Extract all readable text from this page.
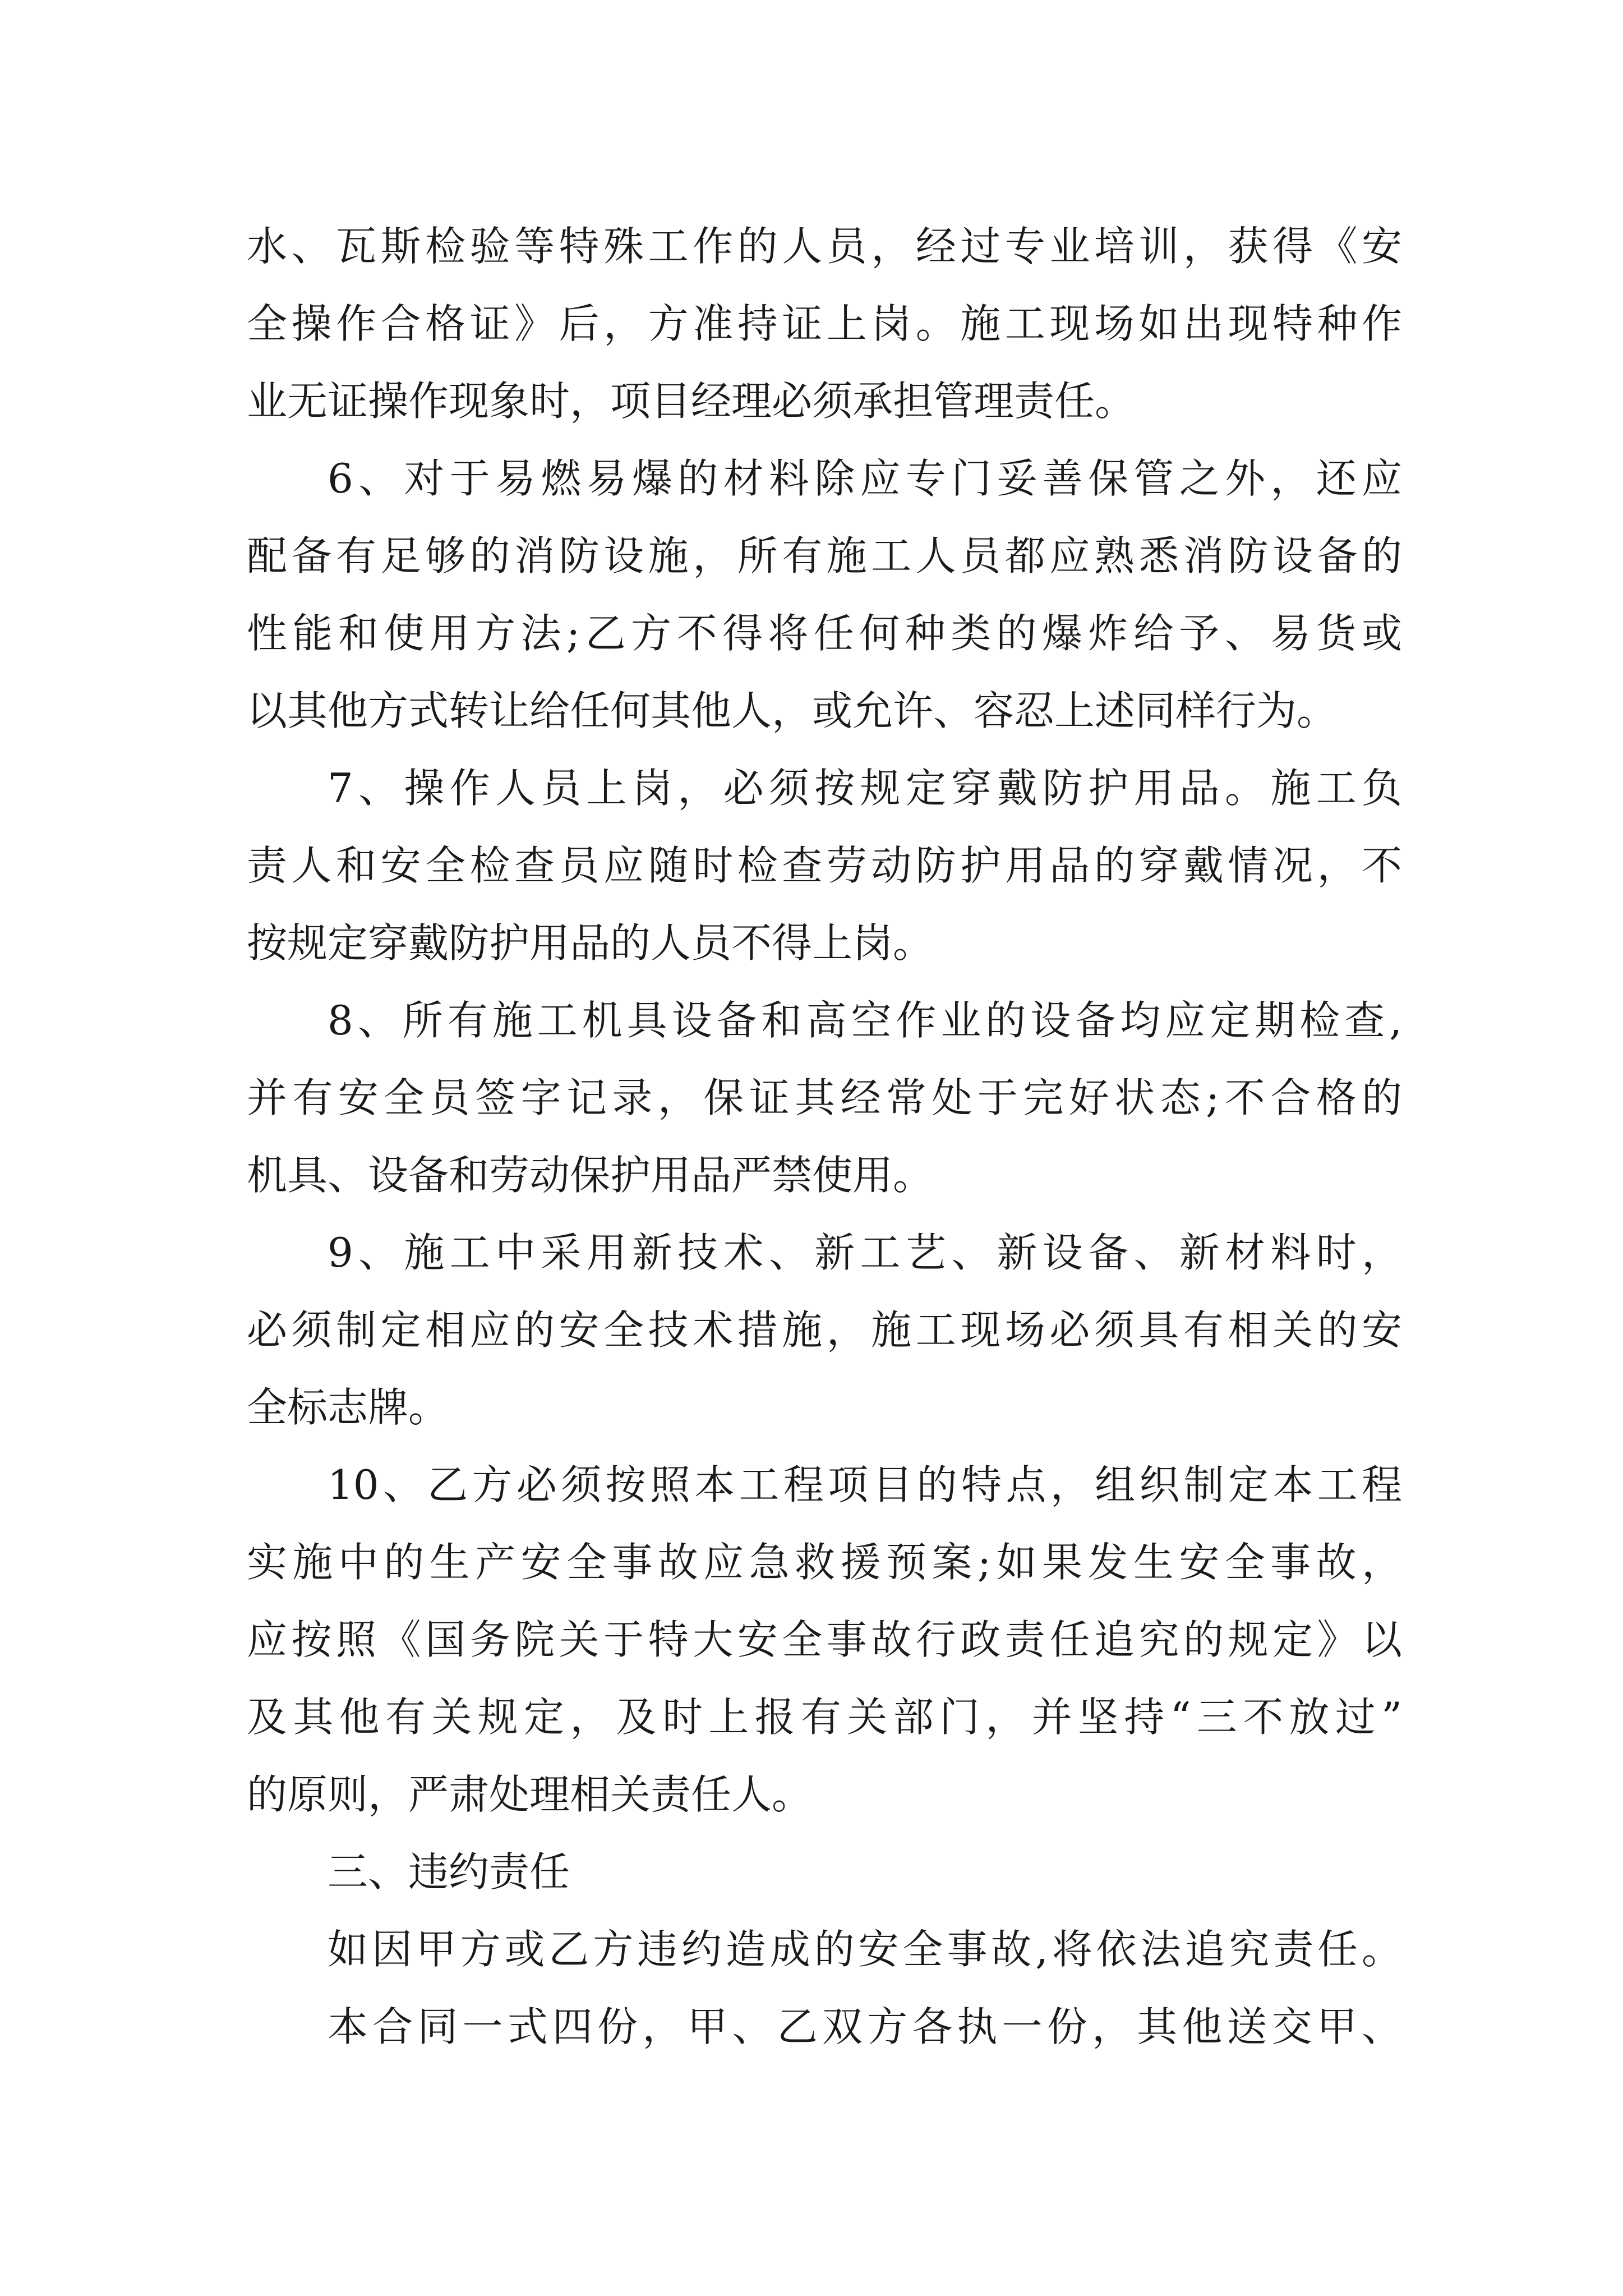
水、瓦斯检验等特殊工作的人员，经过专业培训，获得《安
全操作合格证》后，方准持证上岗。施工现场如出现特种作
业无证操作现象时，项目经理必须承担管理责任。
6、对于易燃易爆的材料除应专门妥善保管之外，还应
配备有足够的消防设施，所有施工人员都应熟悉消防设备的
性能和使用方法;乙方不得将任何种类的爆炸给予、易货或
以其他方式转让给任何其他人，或允许、容忍上述同样行为。
7、操作人员上岗，必须按规定穿戴防护用品。施工负
责人和安全检查员应随时检查劳动防护用品的穿戴情况，不
按规定穿戴防护用品的人员不得上岗。
8、所有施工机具设备和高空作业的设备均应定期检查,
并有安全员签字记录，保证其经常处于完好状态;不合格的
机具、设备和劳动保护用品严禁使用。
9、施工中采用新技术、新工艺、新设备、新材料时，
必须制定相应的安全技术措施，施工现场必须具有相关的安
全标志牌。
10、乙方必须按照本工程项目的特点，组织制定本工程
实施中的生产安全事故应急救援预案;如果发生安全事故，
应按照《国务院关于特大安全事故行政责任追究的规定》以
及其他有关规定，及时上报有关部门，并坚持“三不放过”
的原则，严肃处理相关责任人。
三、违约责任
如因甲方或乙方违约造成的安全事故,将依法追究责任。
本合同一式四份，甲、乙双方各执一份，其他送交甲、
